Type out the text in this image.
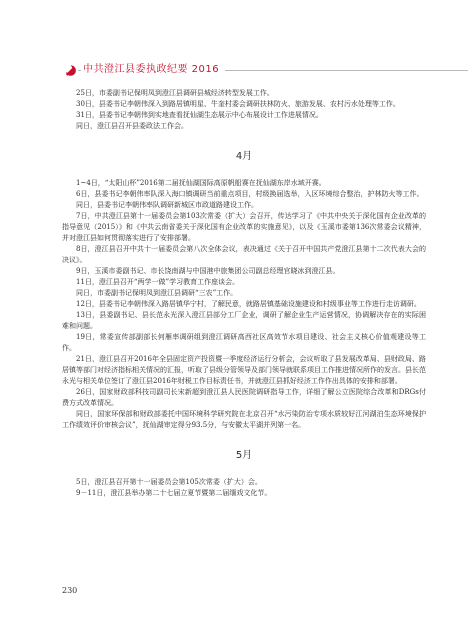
中共澄江县委执政纪要 2016

25日，市委副书记保明凤到澄江县调研县城经济转型发展工作。

30日，县委书记李朝伟深入到路居镇明星、牛奎村委会调研扶林防火、旅游发展、农村污水处理等工作。

31日，县委书记李朝伟到实地查看抚仙湖生态展示中心布展设计工作进展情况。

同日，澄江县召开县委政法工作会。

4月

1~4日，“太阳山杯”2016第二届抚仙湖国际高原帆船赛在抚仙湖东岸水域开赛。

6日，县委书记李朝伟率队深入海口镇调研当前重点项目，村级换届选举，入区环境综合整治，护林防火等工作。

同日，县委书记李朝伟率队调研新城区市政道路建设工作。

7日，中共澄江县第十一届委员会第103次常委（扩大）会召开，传达学习了《中共中央关于深化国有企业改革的指导意见（2015）》和《中共云南省委关于深化国有企业改革的实施意见》，以及《玉溪市委第136次常委会议精神，并对澄江县如何贯彻落实进行了安排部署。

8日，澄江县召开中共十一届委员会第八次全体会议，表决通过《关于召开中国共产党澄江县第十二次代表大会的决议》。

9日，玉溪市委副书记、市长饶南湖与中国港中旅集团公司副总经理官晓冰到澄江县。

11日，澄江县召开“两学一做”学习教育工作座谈会。

同日，市委副书记保明凤到澄江县调研“三农”工作。

12日，县委书记李朝伟深入路居镇华宁村，了解民意，就路居镇基础设施建设和村级事业等工作进行走访调研。

13日，县委副书记、县长范永光深入澄江县部分工厂企业，调研了解企业生产运营情况，协调解决存在的实际困难和问题。

19日，常委宣传部副部长何雁率调研组到澄江调研高西社区高效节水项目建设、社会主义核心价值观建设等工作。

21日，澄江县召开2016年全县固定资产投资暨一季度经济运行分析会，会议听取了县发展改革局、县财政局、路居镇等部门对经济指标相关情况的汇报，听取了县级分管领导及部门领导就联系项目工作推进情况所作的发言。县长范永光与相关单位签订了澄江县2016年财税工作目标责任书，并就澄江县抓好经济工作作出具体的安排和部署。

26日，国家财政部科技司副司长宋新超到澄江县人民医院调研指导工作，详细了解公立医院综合改革和DRGs付费方式改革情况。

同日，国家环保部和财政部委托中国环境科学研究院在北京召开“水污染防治专项水质较好江河湖泊生态环境保护工作绩效评价审核会议”，抚仙湖审定得分93.5分，与安徽太平湖并列第一名。

5月

5日，澄江县召开第十一届委员会第105次常委（扩大）会。

9－11日，澄江县举办第二十七届立夏节暨第二届缅戏文化节。

230
